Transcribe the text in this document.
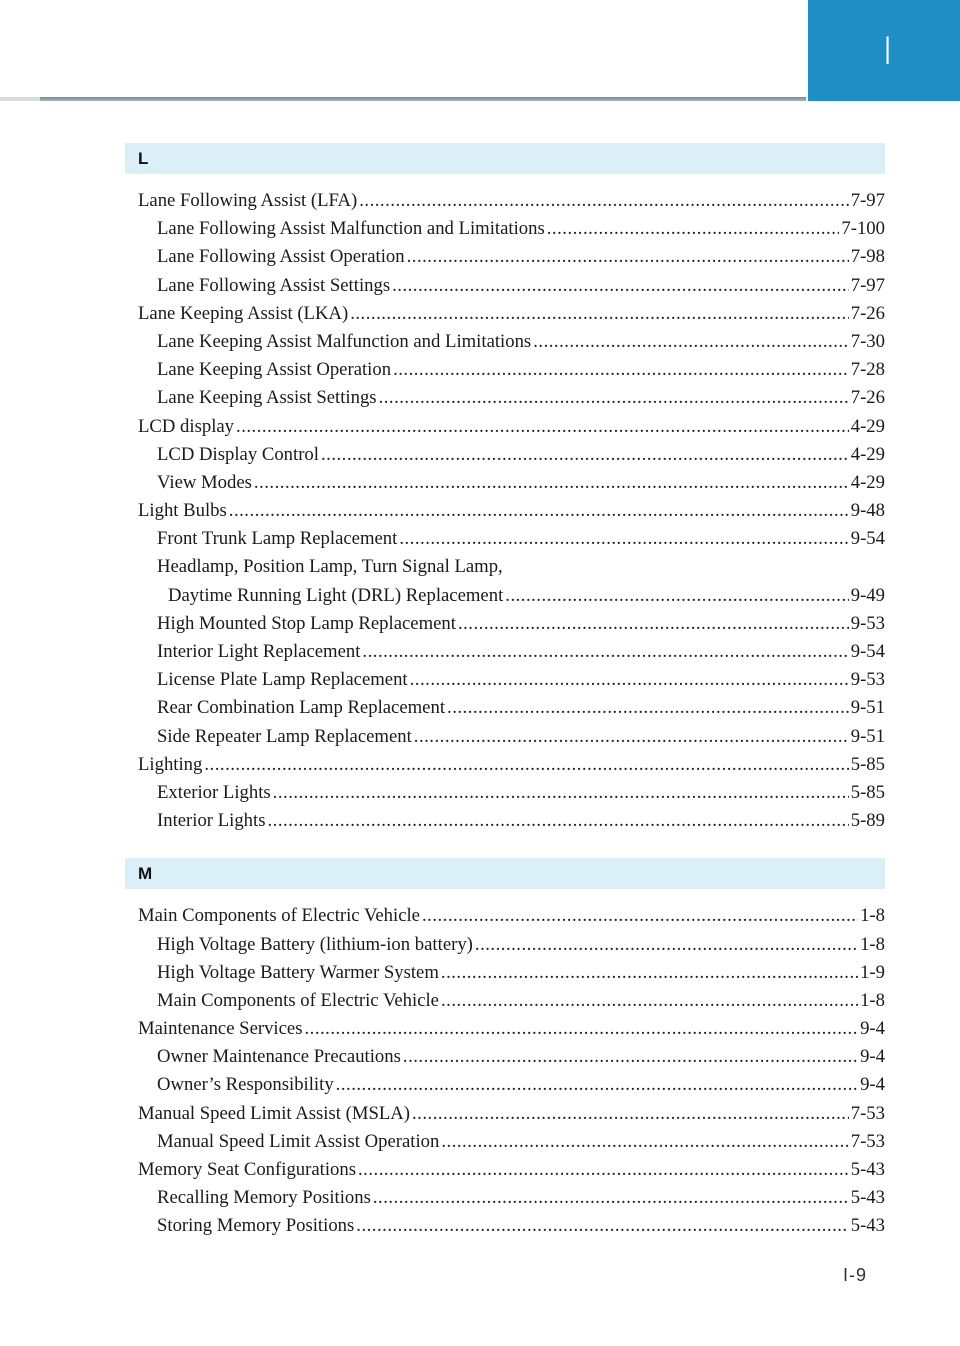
I
L
Lane Following Assist (LFA) .....	7-97
Lane Following Assist Malfunction and Limitations .....	7-100
Lane Following Assist Operation .....	7-98
Lane Following Assist Settings .....	7-97
Lane Keeping Assist (LKA) .....	7-26
Lane Keeping Assist Malfunction and Limitations .....	7-30
Lane Keeping Assist Operation .....	7-28
Lane Keeping Assist Settings .....	7-26
LCD display .....	4-29
LCD Display Control .....	4-29
View Modes .....	4-29
Light Bulbs .....	9-48
Front Trunk Lamp Replacement .....	9-54
Headlamp, Position Lamp, Turn Signal Lamp,
Daytime Running Light (DRL) Replacement .....	9-49
High Mounted Stop Lamp Replacement .....	9-53
Interior Light Replacement .....	9-54
License Plate Lamp Replacement .....	9-53
Rear Combination Lamp Replacement .....	9-51
Side Repeater Lamp Replacement .....	9-51
Lighting .....	5-85
Exterior Lights .....	5-85
Interior Lights .....	5-89
M
Main Components of Electric Vehicle .....	1-8
High Voltage Battery (lithium-ion battery) .....	1-8
High Voltage Battery Warmer System .....	1-9
Main Components of Electric Vehicle .....	1-8
Maintenance Services .....	9-4
Owner Maintenance Precautions .....	9-4
Owner’s Responsibility .....	9-4
Manual Speed Limit Assist (MSLA) .....	7-53
Manual Speed Limit Assist Operation .....	7-53
Memory Seat Configurations .....	5-43
Recalling Memory Positions .....	5-43
Storing Memory Positions .....	5-43
I-9
